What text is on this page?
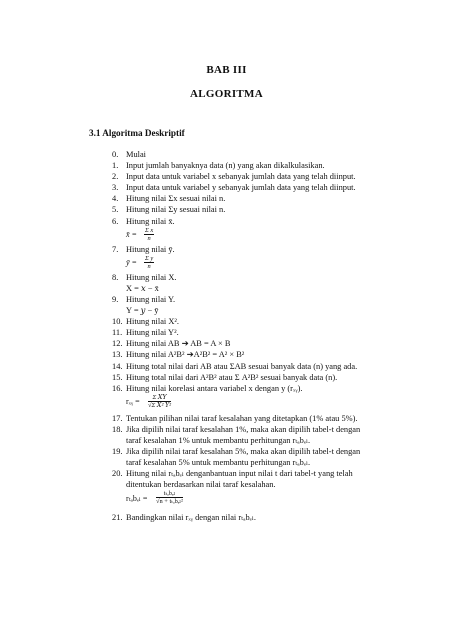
BAB III
ALGORITMA
3.1 Algoritma Deskriptif
0. Mulai
1. Input jumlah banyaknya data (n) yang akan dikalkulasikan.
2. Input data untuk variabel x sebanyak jumlah data yang telah diinput.
3. Input data untuk variabel y sebanyak jumlah data yang telah diinput.
4. Hitung nilai Σx sesuai nilai n.
5. Hitung nilai Σy sesuai nilai n.
6. Hitung nilai x̄.
x̄ = $\frac{\text{Σ x}}{n}$
7. Hitung nilai ȳ.
ȳ = $\frac{\text{Σ y}}{n}$
8. Hitung nilai X.
X = 𝑥 − x̄
9. Hitung nilai Y.
Y = 𝑦 − ȳ
10. Hitung nilai X².
11. Hitung nilai Y².
12. Hitung nilai AB ➔ AB = A × B
13. Hitung nilai A²B² ➔A²B² = A² × B²
14. Hitung total nilai dari AB atau ΣAB sesuai banyak data (n) yang ada.
15. Hitung total nilai dari A²B² atau Σ A²B² sesuai banyak data (n).
16. Hitung nilai korelasi antara variabel x dengan y (rₓᵧ).
rₓᵧ =	Σ 𝑋𝑌
√Σ 𝑋² 𝑌²
17. Tentukan pilihan nilai taraf kesalahan yang ditetapkan (1% atau 5%).
18. Jika dipilih nilai taraf kesalahan 1%, maka akan dipilih tabel-t dengan
taraf kesalahan 1% untuk membantu perhitungan rₜₐbₑₗ.
19. Jika dipilih nilai taraf kesalahan 5%, maka akan dipilih tabel-t dengan
taraf kesalahan 5% untuk membantu perhitungan rₜₐbₑₗ.
20. Hitung nilai rₜₐbₑₗ denganbantuan input nilai t dari tabel-t yang telah
ditentukan berdasarkan nilai taraf kesalahan.
rₜₐbₑₗ =
tₜₐbₑₗ
√n + tₜₐbₑₗ²
21. Bandingkan nilai rₓᵧ dengan nilai rₜₐbₑₗ.
